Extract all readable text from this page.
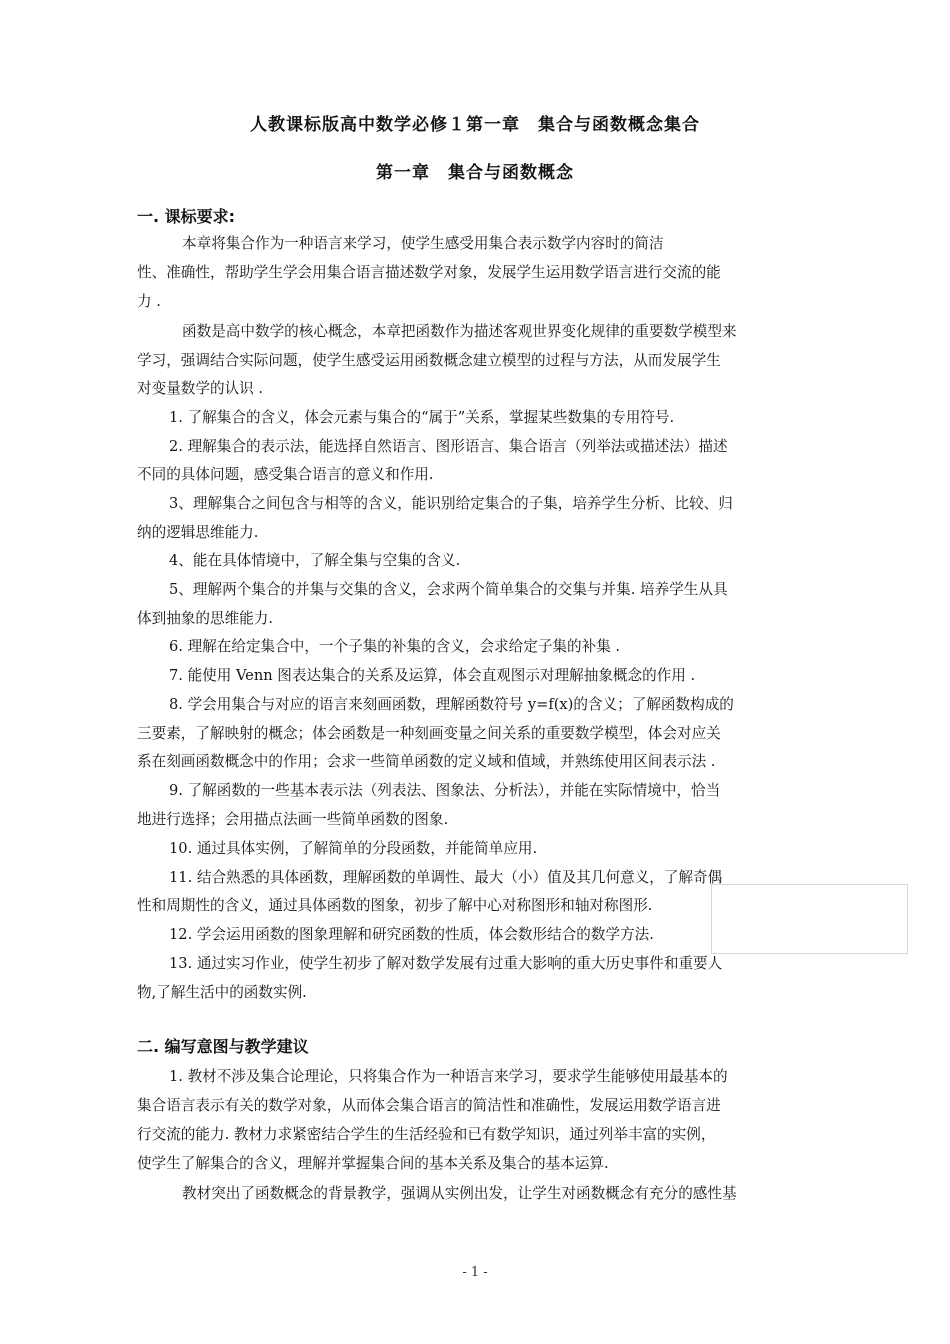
人教课标版高中数学必修１第一章　集合与函数概念集合
第一章　集合与函数概念
一. 课标要求:
本章将集合作为一种语言来学习，使学生感受用集合表示数学内容时的简洁
性、准确性，帮助学生学会用集合语言描述数学对象，发展学生运用数学语言进行交流的能
力 .
函数是高中数学的核心概念，本章把函数作为描述客观世界变化规律的重要数学模型来
学习，强调结合实际问题，使学生感受运用函数概念建立模型的过程与方法，从而发展学生
对变量数学的认识 .
1. 了解集合的含义，体会元素与集合的“属于”关系，掌握某些数集的专用符号.
2. 理解集合的表示法，能选择自然语言、图形语言、集合语言（列举法或描述法）描述
不同的具体问题，感受集合语言的意义和作用.
3、理解集合之间包含与相等的含义，能识别给定集合的子集，培养学生分析、比较、归
纳的逻辑思维能力.
4、能在具体情境中，了解全集与空集的含义.
5、理解两个集合的并集与交集的含义，会求两个简单集合的交集与并集. 培养学生从具
体到抽象的思维能力.
6. 理解在给定集合中，一个子集的补集的含义，会求给定子集的补集 .
7. 能使用 Venn 图表达集合的关系及运算，体会直观图示对理解抽象概念的作用 .
8. 学会用集合与对应的语言来刻画函数，理解函数符号 y=f(x)的含义；了解函数构成的
三要素，了解映射的概念；体会函数是一种刻画变量之间关系的重要数学模型，体会对应关
系在刻画函数概念中的作用；会求一些简单函数的定义域和值域，并熟练使用区间表示法 .
9. 了解函数的一些基本表示法（列表法、图象法、分析法），并能在实际情境中，恰当
地进行选择；会用描点法画一些简单函数的图象.
10. 通过具体实例，了解简单的分段函数，并能简单应用.
11. 结合熟悉的具体函数，理解函数的单调性、最大（小）值及其几何意义，了解奇偶
性和周期性的含义，通过具体函数的图象，初步了解中心对称图形和轴对称图形.
12. 学会运用函数的图象理解和研究函数的性质，体会数形结合的数学方法.
13. 通过实习作业，使学生初步了解对数学发展有过重大影响的重大历史事件和重要人
物,了解生活中的函数实例.
二. 编写意图与教学建议
1. 教材不涉及集合论理论，只将集合作为一种语言来学习，要求学生能够使用最基本的
集合语言表示有关的数学对象，从而体会集合语言的简洁性和准确性，发展运用数学语言进
行交流的能力. 教材力求紧密结合学生的生活经验和已有数学知识，通过列举丰富的实例，
使学生了解集合的含义，理解并掌握集合间的基本关系及集合的基本运算.
教材突出了函数概念的背景教学，强调从实例出发，让学生对函数概念有充分的感性基
- 1 -
